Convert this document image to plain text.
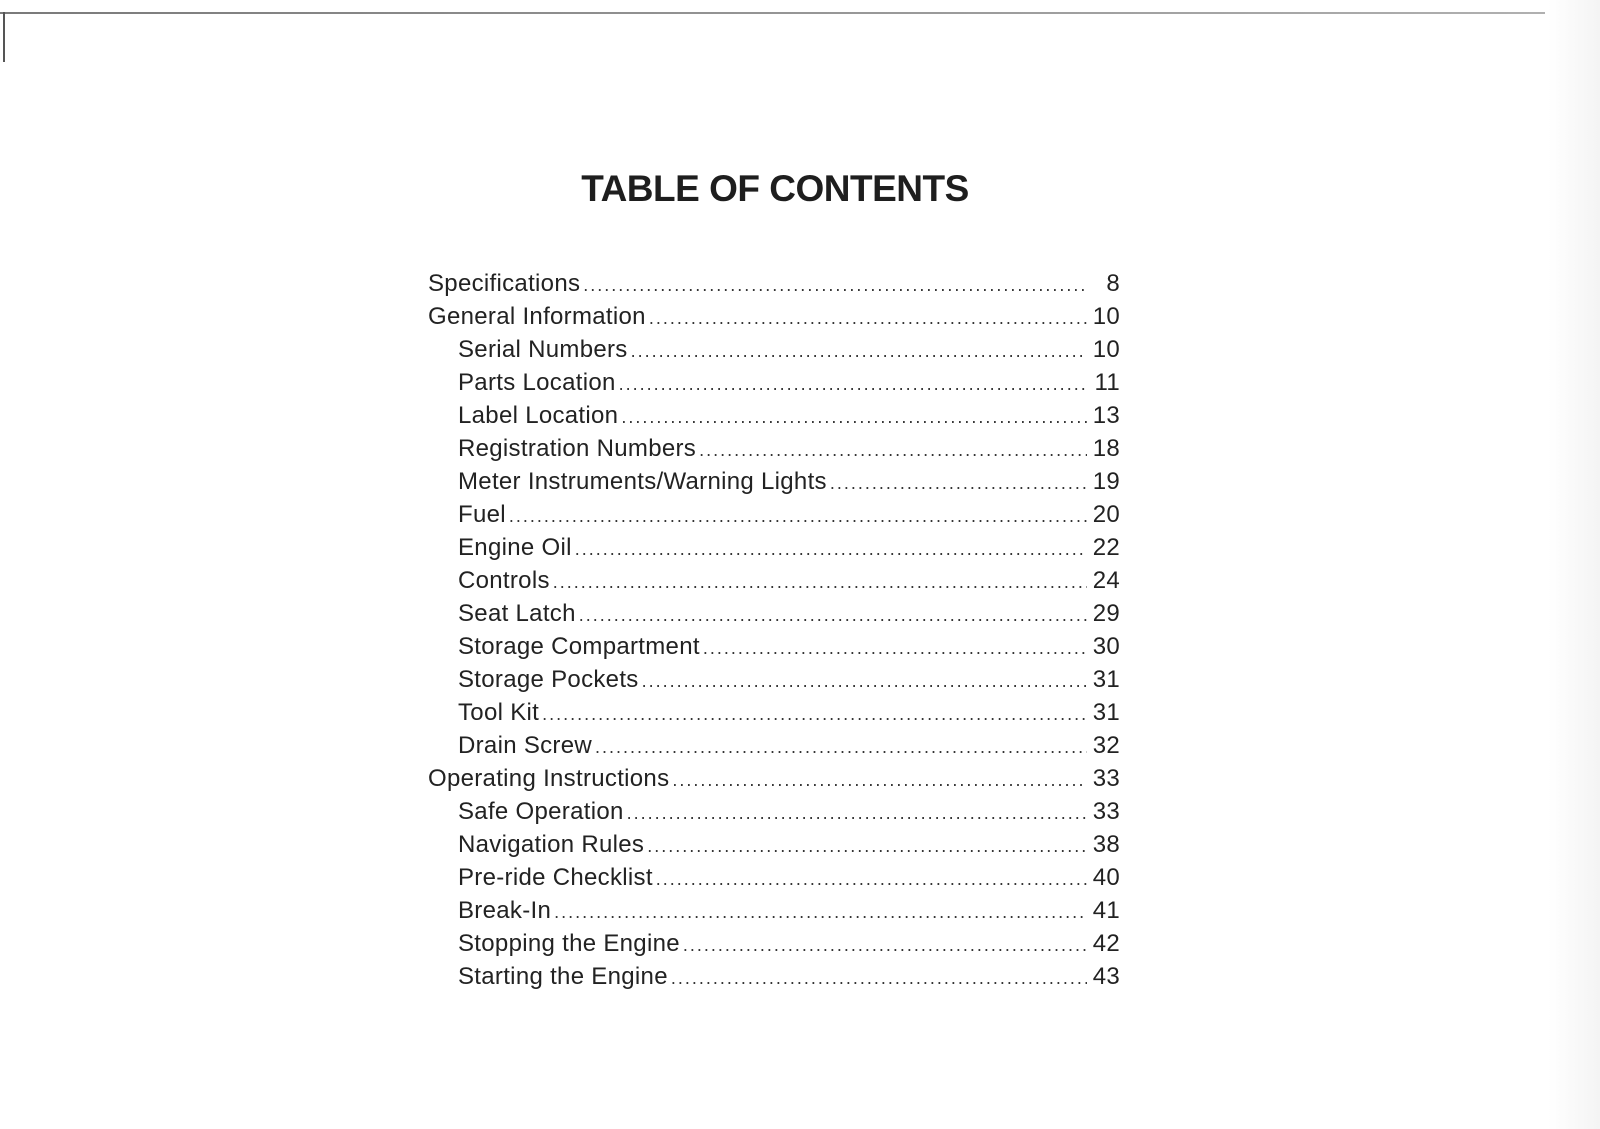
TABLE OF CONTENTS
Specifications .....	8
General Information .....	10
Serial Numbers .....	10
Parts Location .....	11
Label Location .....	13
Registration Numbers .....	18
Meter Instruments/Warning Lights .....	19
Fuel .....	20
Engine Oil .....	22
Controls .....	24
Seat Latch .....	29
Storage Compartment .....	30
Storage Pockets .....	31
Tool Kit .....	31
Drain Screw .....	32
Operating Instructions .....	33
Safe Operation .....	33
Navigation Rules .....	38
Pre-ride Checklist .....	40
Break-In .....	41
Stopping the Engine .....	42
Starting the Engine .....	43
